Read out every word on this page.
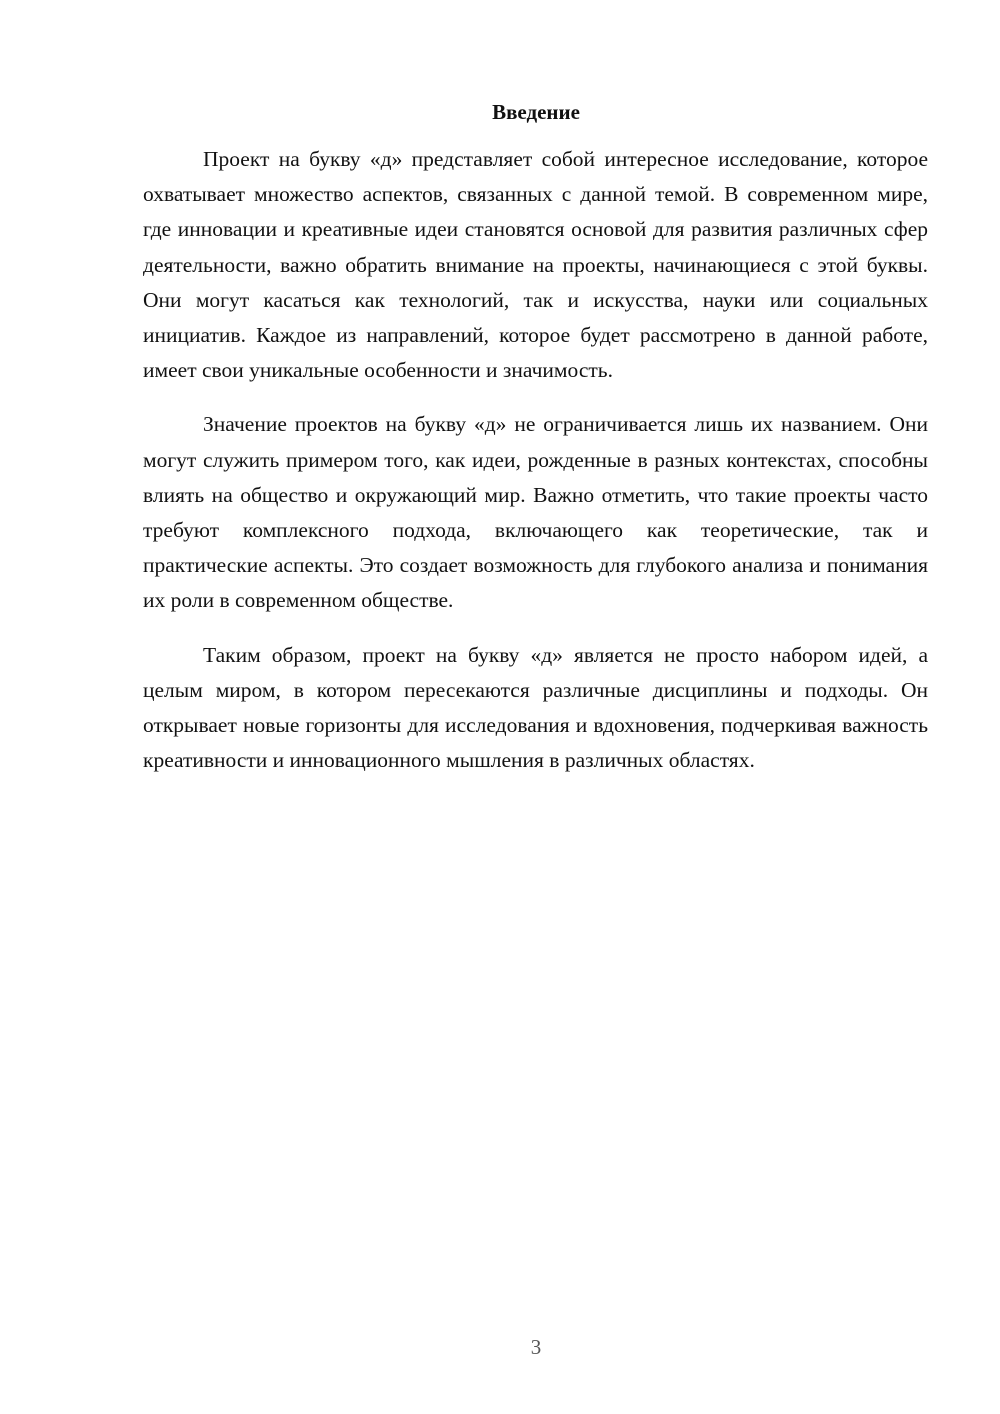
Введение

Проект на букву «д» представляет собой интересное исследование, которое охватывает множество аспектов, связанных с данной темой. В современном мире, где инновации и креативные идеи становятся основой для развития различных сфер деятельности, важно обратить внимание на проекты, начинающиеся с этой буквы. Они могут касаться как технологий, так и искусства, науки или социальных инициатив. Каждое из направлений, которое будет рассмотрено в данной работе, имеет свои уникальные особенности и значимость.

Значение проектов на букву «д» не ограничивается лишь их названием. Они могут служить примером того, как идеи, рожденные в разных контекстах, способны влиять на общество и окружающий мир. Важно отметить, что такие проекты часто требуют комплексного подхода, включающего как теоретические, так и практические аспекты. Это создает возможность для глубокого анализа и понимания их роли в современном обществе.

Таким образом, проект на букву «д» является не просто набором идей, а целым миром, в котором пересекаются различные дисциплины и подходы. Он открывает новые горизонты для исследования и вдохновения, подчеркивая важность креативности и инновационного мышления в различных областях.

3
